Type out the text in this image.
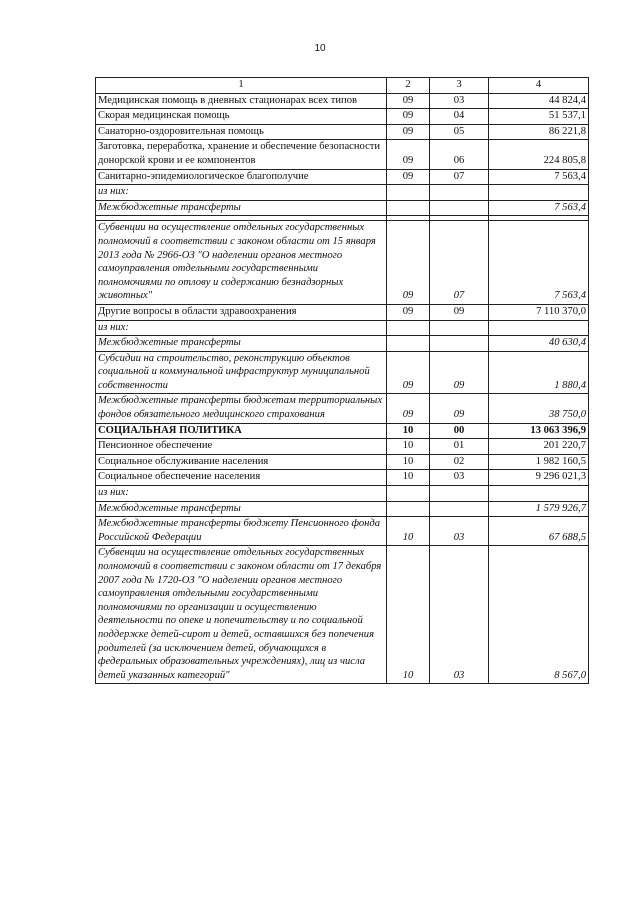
10
1	2	3	4
Медицинская помощь в дневных стационарах всех типов	09	03	44 824,4
Скорая медицинская помощь	09	04	51 537,1
Санаторно-оздоровительная помощь	09	05	86 221,8
Заготовка, переработка, хранение и обеспечение безопасности донорской крови и ее компонентов	09	06	224 805,8
Санитарно-эпидемиологическое благополучие	09	07	7 563,4
из них:			
Межбюджетные трансферты			7 563,4

Субвенции на осуществление отдельных государственных полномочий в соответствии с законом области от 15 января 2013 года № 2966-ОЗ "О наделении органов местного самоуправления отдельными государственными полномочиями по отлову и содержанию безнадзорных животных"	09	07	7 563,4
Другие вопросы в области здравоохранения	09	09	7 110 370,0
из них:			
Межбюджетные трансферты			40 630,4
Субсидии на строительство, реконструкцию объектов социальной и коммунальной инфраструктур муниципальной собственности	09	09	1 880,4
Межбюджетные трансферты бюджетам территориальных фондов обязательного медицинского страхования	09	09	38 750,0
СОЦИАЛЬНАЯ ПОЛИТИКА	10	00	13 063 396,9
Пенсионное обеспечение	10	01	201 220,7
Социальное обслуживание населения	10	02	1 982 160,5
Социальное обеспечение населения	10	03	9 296 021,3
из них:			
Межбюджетные трансферты			1 579 926,7
Межбюджетные трансферты бюджету Пенсионного фонда Российской Федерации	10	03	67 688,5
Субвенции на осуществление отдельных государственных полномочий в соответствии с законом области от 17 декабря 2007 года № 1720-ОЗ "О наделении органов местного самоуправления отдельными государственными полномочиями по организации и осуществлению деятельности по опеке и попечительству и по социальной поддержке детей-сирот и детей, оставшихся без попечения родителей (за исключением детей, обучающихся в федеральных образовательных учреждениях), лиц из числа детей указанных категорий"	10	03	8 567,0
